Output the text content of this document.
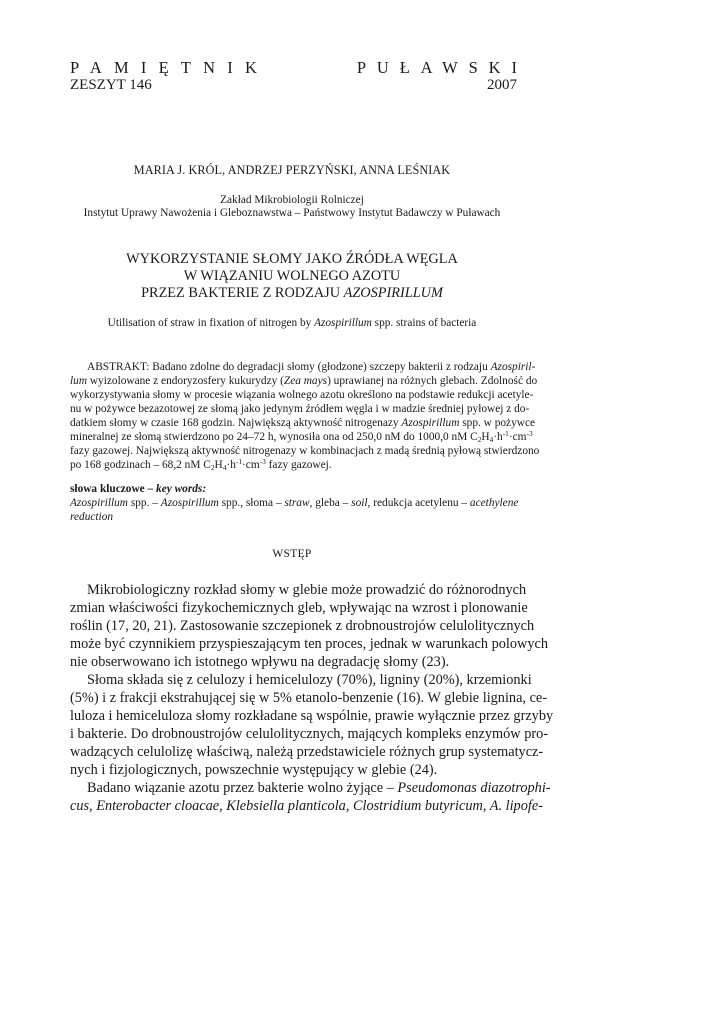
PAMIĘTNIK	PUŁAWSKI
ZESZYT 146	2007
MARIA J. KRÓL, ANDRZEJ PERZYŃSKI, ANNA LEŚNIAK
Zakład Mikrobiologii Rolniczej
Instytut Uprawy Nawożenia i Gleboznawstwa – Państwowy Instytut Badawczy w Puławach
WYKORZYSTANIE SŁOMY JAKO ŹRÓDŁA WĘGLA
W WIĄZANIU WOLNEGO AZOTU
PRZEZ BAKTERIE Z RODZAJU AZOSPIRILLUM
Utilisation of straw in fixation of nitrogen by Azospirillum spp. strains of bacteria
ABSTRAKT: Badano zdolne do degradacji słomy (głodzone) szczepy bakterii z rodzaju Azospiril-
lum wyizolowane z endoryzosfery kukurydzy (Zea mays) uprawianej na różnych glebach. Zdolność do
wykorzystywania słomy w procesie wiązania wolnego azotu określono na podstawie redukcji acetyle-
nu w pożywce bezazotowej ze słomą jako jedynym źródłem węgla i w madzie średniej pyłowej z do-
datkiem słomy w czasie 168 godzin. Największą aktywność nitrogenazy Azospirillum spp. w pożywce
mineralnej ze słomą stwierdzono po 24–72 h, wynosiła ona od 250,0 nM do 1000,0 nM $C_2H_4\cdot h^{-1}\cdot cm^{-3}$
fazy gazowej. Największą aktywność nitrogenazy w kombinacjach z madą średnią pyłową stwierdzono
po 168 godzinach – 68,2 nM $C_2H_4\cdot h^{-1}\cdot cm^{-3}$ fazy gazowej.
słowa kluczowe – key words:
Azospirillum spp. – Azospirillum spp., słoma – straw, gleba – soil, redukcja acetylenu – acethylene
reduction
WSTĘP
Mikrobiologiczny rozkład słomy w glebie może prowadzić do różnorodnych
zmian właściwości fizykochemicznych gleb, wpływając na wzrost i plonowanie
roślin (17, 20, 21). Zastosowanie szczepionek z drobnoustrojów celulolitycznych
może być czynnikiem przyspieszającym ten proces, jednak w warunkach polowych
nie obserwowano ich istotnego wpływu na degradację słomy (23).
Słoma składa się z celulozy i hemicelulozy (70%), ligniny (20%), krzemionki
(5%) i z frakcji ekstrahującej się w 5% etanolo-benzenie (16). W glebie lignina, ce-
luloza i hemiceluloza słomy rozkładane są wspólnie, prawie wyłącznie przez grzyby
i bakterie. Do drobnoustrojów celulolitycznych, mających kompleks enzymów pro-
wadzących celulolizę właściwą, należą przedstawiciele różnych grup systematycz-
nych i fizjologicznych, powszechnie występujący w glebie (24).
Badano wiązanie azotu przez bakterie wolno żyjące – Pseudomonas diazotrophi-
cus, Enterobacter cloacae, Klebsiella planticola, Clostridium butyricum, A. lipofe-
